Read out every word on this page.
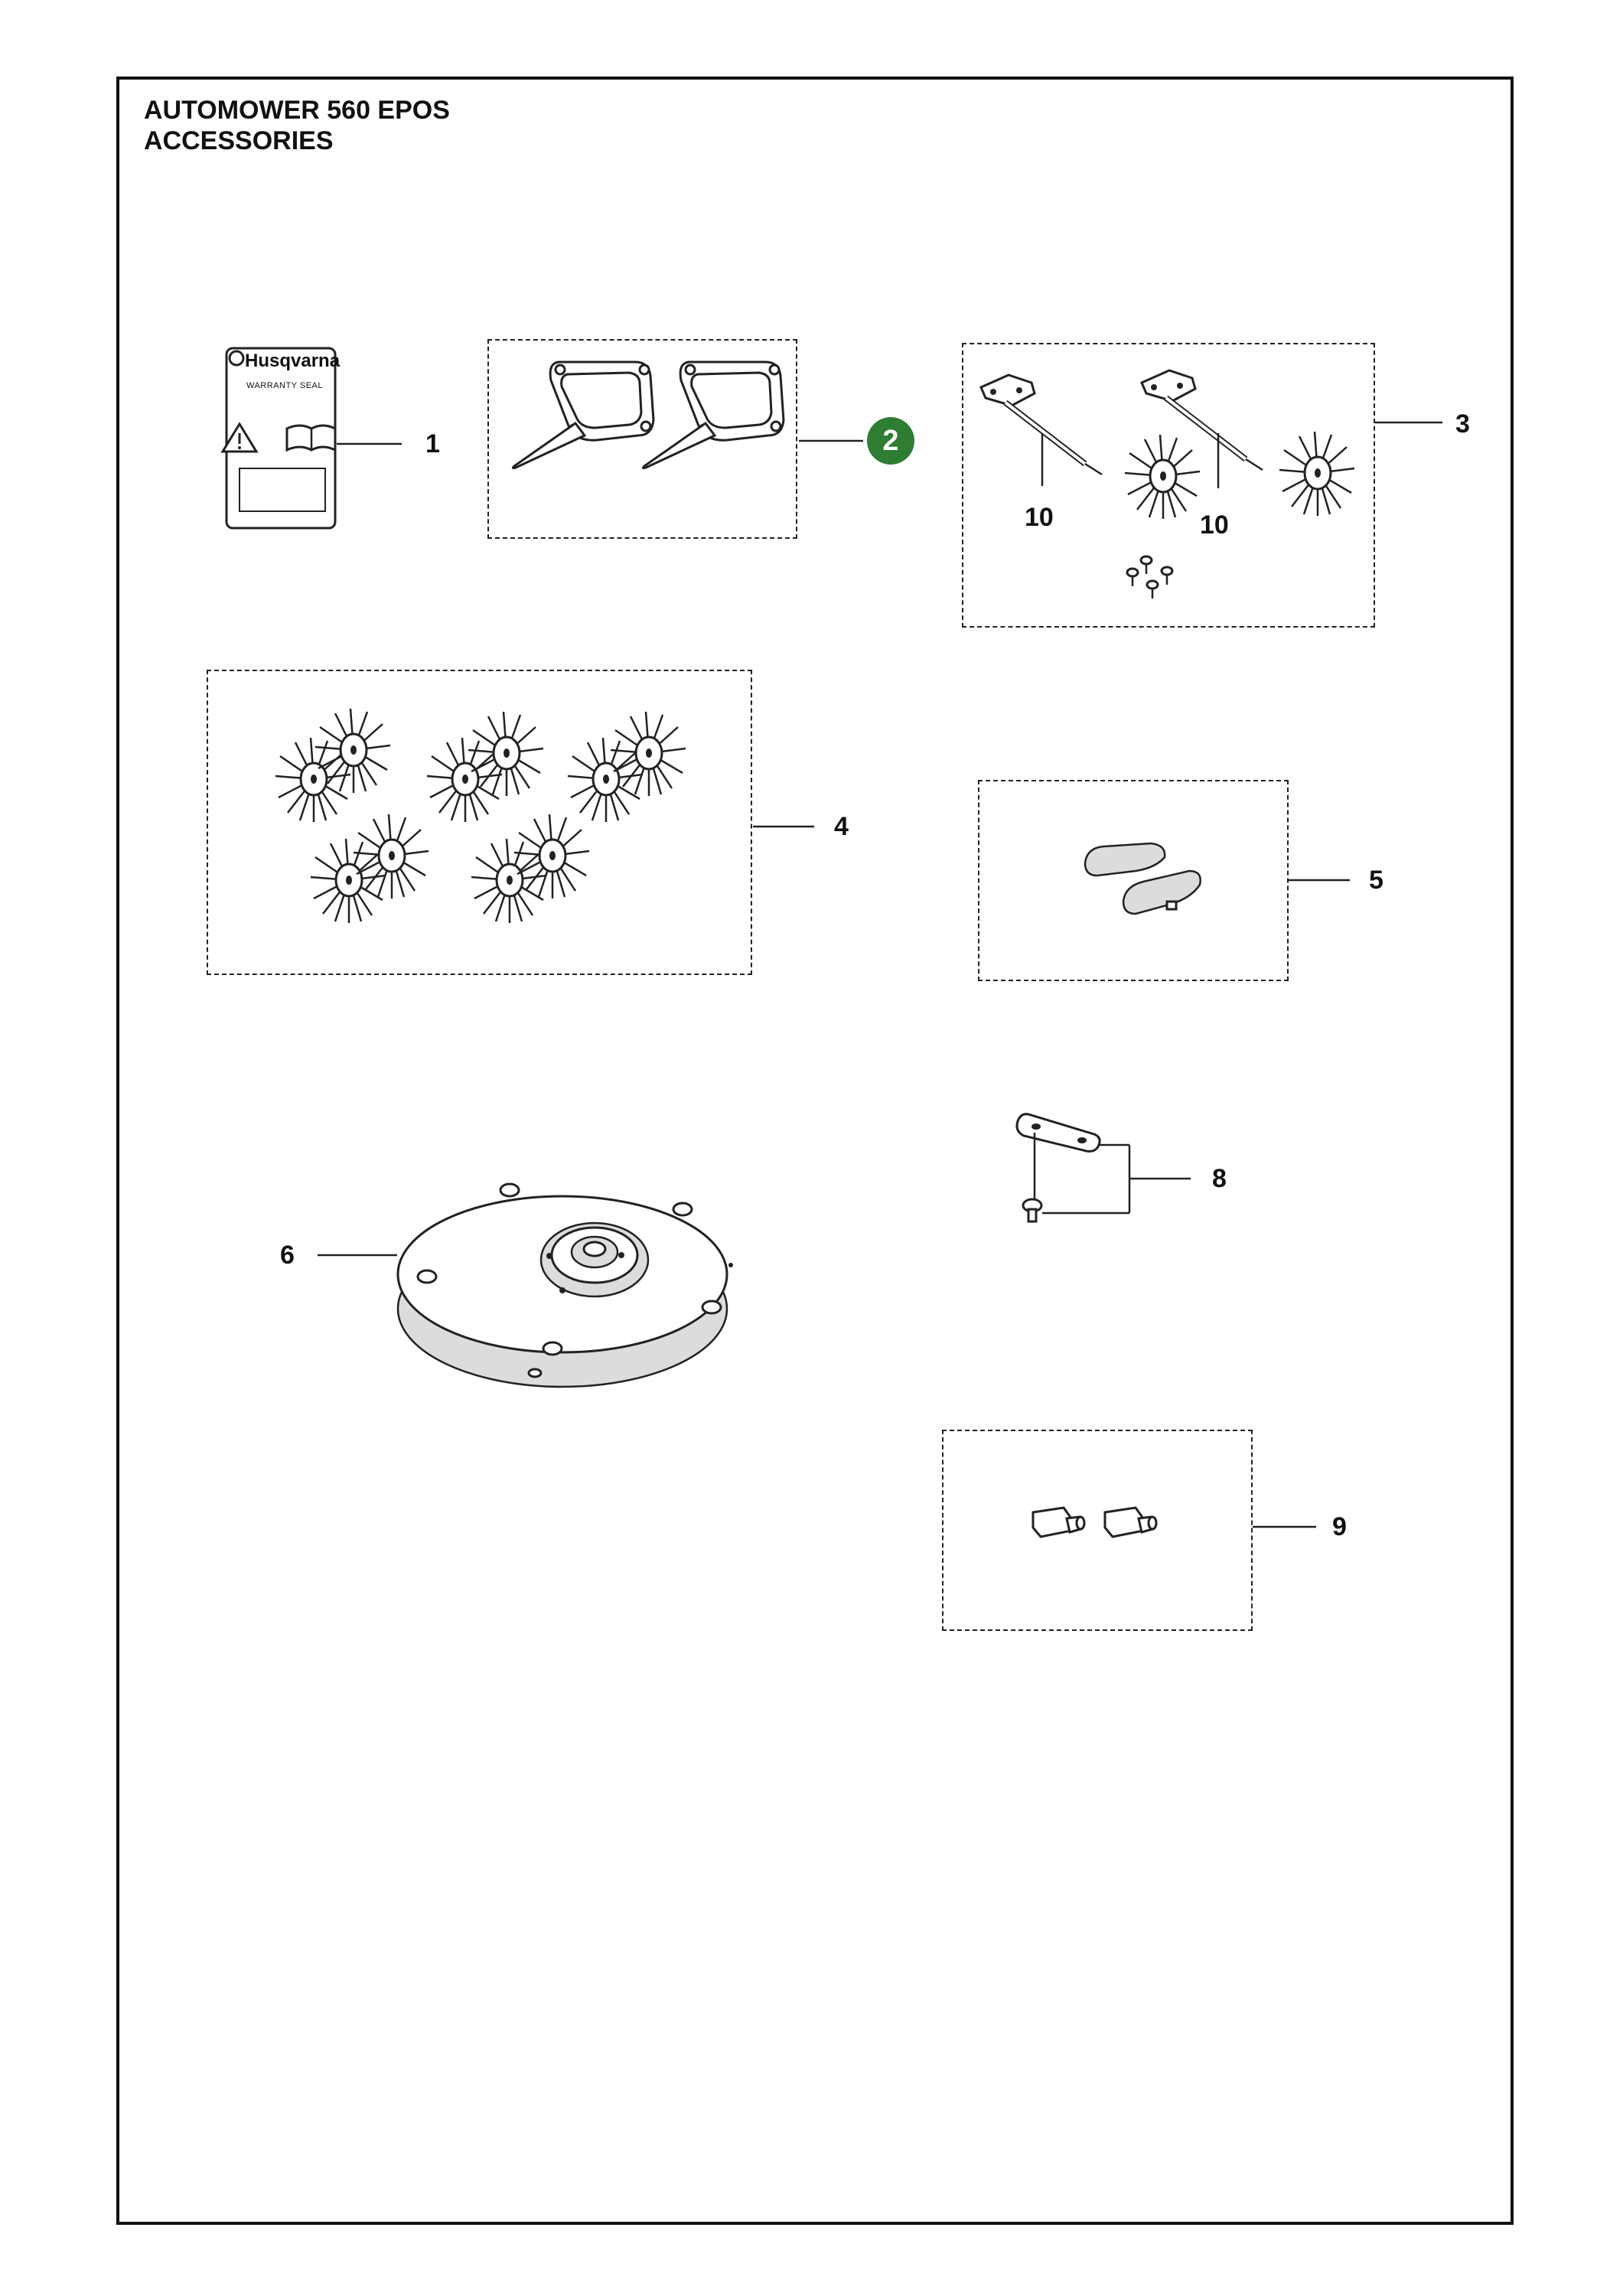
AUTOMOWER 560 EPOS
ACCESSORIES
Husqvarna
WARRANTY SEAL
1	2
3
10	10
4
5
6
8
9
